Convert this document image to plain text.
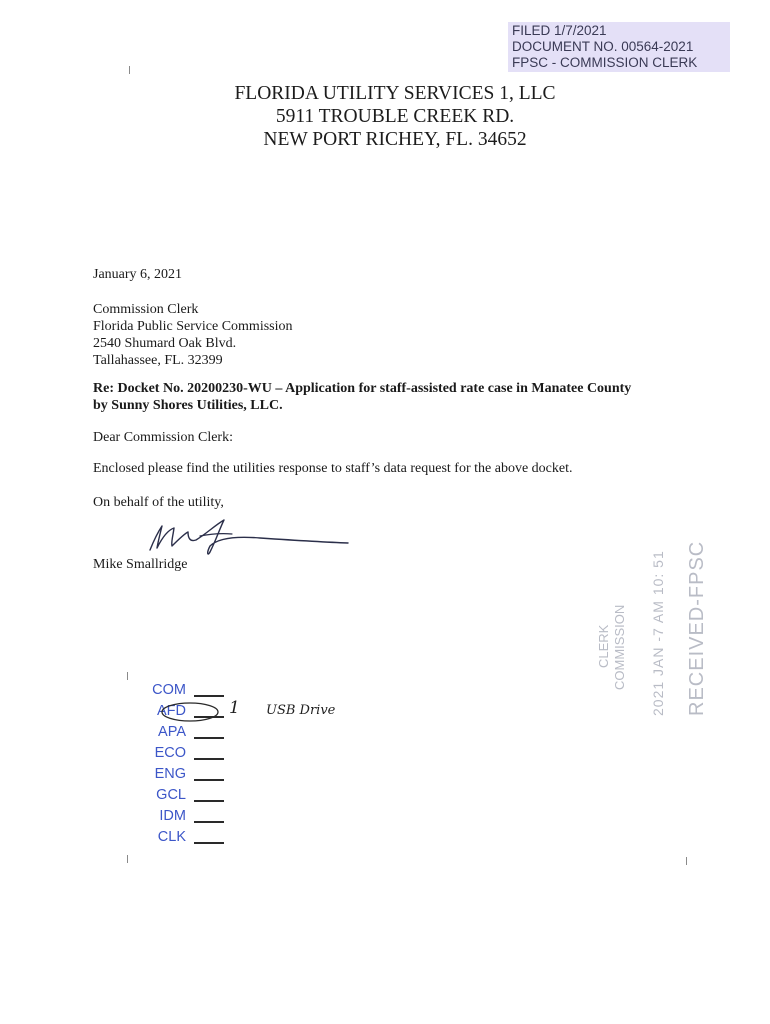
FILED 1/7/2021
DOCUMENT NO. 00564-2021
FPSC - COMMISSION CLERK
FLORIDA UTILITY SERVICES 1, LLC
5911 TROUBLE CREEK RD.
NEW PORT RICHEY, FL. 34652
January 6, 2021
Commission Clerk
Florida Public Service Commission
2540 Shumard Oak Blvd.
Tallahassee, FL. 32399
Re: Docket No. 20200230-WU – Application for staff-assisted rate case in Manatee County
by Sunny Shores Utilities, LLC.
Dear Commission Clerk:
Enclosed please find the utilities response to staff’s data request for the above docket.
On behalf of the utility,
Mike Smallridge	RECEIVED-FPSC
2021 JAN -7 AM 10: 51
COMMISSION
CLERK
COM
AFD	1 USB Drive
APA
ECO
ENG
GCL
IDM
CLK
